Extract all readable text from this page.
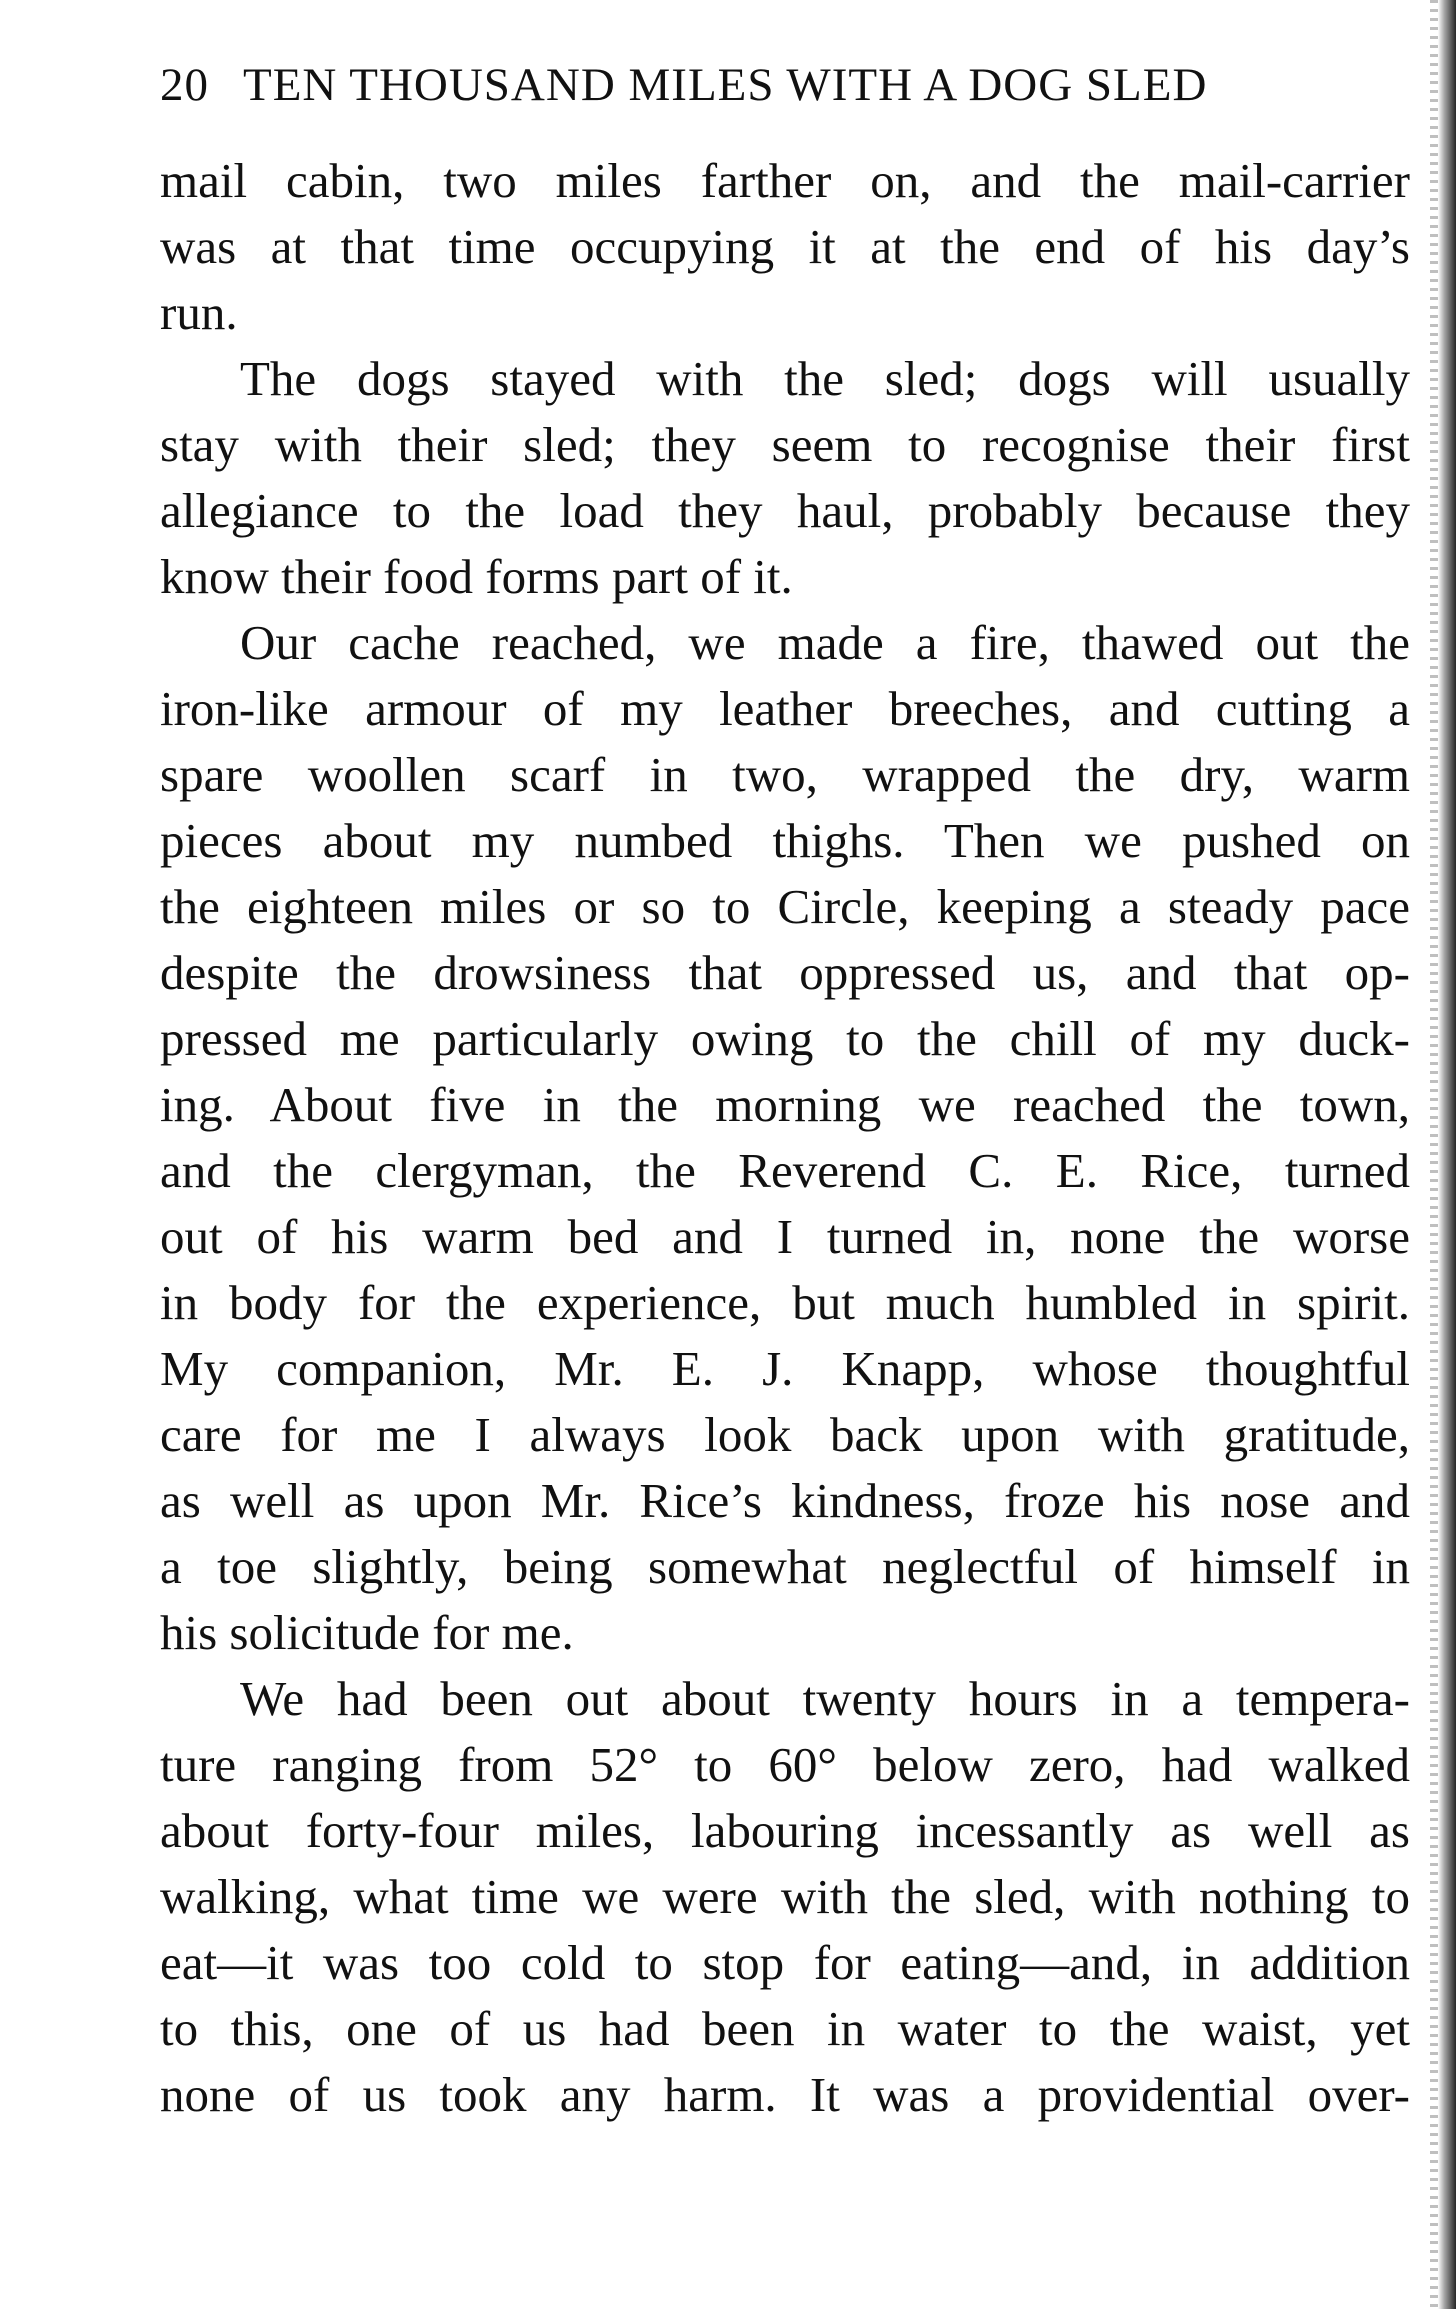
20 TEN THOUSAND MILES WITH A DOG SLED
mail cabin, two miles farther on, and the mail-carrier
was at that time occupying it at the end of his day’s
run.
The dogs stayed with the sled; dogs will usually
stay with their sled; they seem to recognise their first
allegiance to the load they haul, probably because they
know their food forms part of it.
Our cache reached, we made a fire, thawed out the
iron-like armour of my leather breeches, and cutting a
spare woollen scarf in two, wrapped the dry, warm
pieces about my numbed thighs. Then we pushed on
the eighteen miles or so to Circle, keeping a steady pace
despite the drowsiness that oppressed us, and that op-
pressed me particularly owing to the chill of my duck-
ing. About five in the morning we reached the town,
and the clergyman, the Reverend C. E. Rice, turned
out of his warm bed and I turned in, none the worse
in body for the experience, but much humbled in spirit.
My companion, Mr. E. J. Knapp, whose thoughtful
care for me I always look back upon with gratitude,
as well as upon Mr. Rice’s kindness, froze his nose and
a toe slightly, being somewhat neglectful of himself in
his solicitude for me.
We had been out about twenty hours in a tempera-
ture ranging from 52° to 60° below zero, had walked
about forty-four miles, labouring incessantly as well as
walking, what time we were with the sled, with nothing to
eat—it was too cold to stop for eating—and, in addition
to this, one of us had been in water to the waist, yet
none of us took any harm. It was a providential over-
